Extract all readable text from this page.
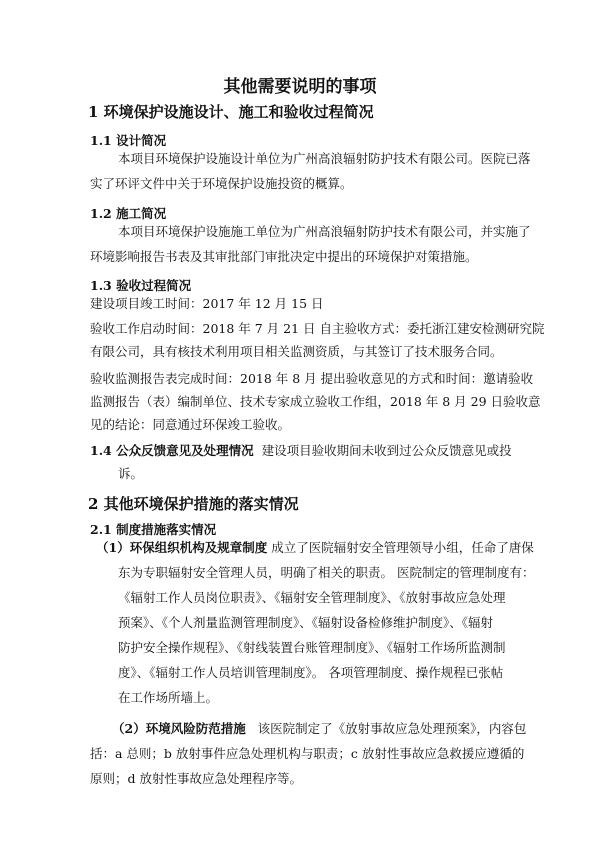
其他需要说明的事项
1 环境保护设施设计、施工和验收过程简况
1.1 设计简况
本项目环境保护设施设计单位为广州高浪辐射防护技术有限公司。医院已落
实了环评文件中关于环境保护设施投资的概算。
1.2 施工简况
本项目环境保护设施施工单位为广州高浪辐射防护技术有限公司，并实施了
环境影响报告书表及其审批部门审批决定中提出的环境保护对策措施。
1.3 验收过程简况
建设项目竣工时间：2017 年 12 月 15 日
验收工作启动时间：2018 年 7 月 21 日 自主验收方式：委托浙江建安检测研究院
有限公司，具有核技术利用项目相关监测资质，与其签订了技术服务合同。
验收监测报告表完成时间：2018 年 8 月 提出验收意见的方式和时间：邀请验收
监测报告（表）编制单位、技术专家成立验收工作组，2018 年 8 月 29 日验收意
见的结论：同意通过环保竣工验收。
1.4 公众反馈意见及处理情况 建设项目验收期间未收到过公众反馈意见或投
诉。
2 其他环境保护措施的落实情况
2.1 制度措施落实情况
（1）环保组织机构及规章制度 成立了医院辐射安全管理领导小组，任命了唐保
东为专职辐射安全管理人员，明确了相关的职责。 医院制定的管理制度有：
《辐射工作人员岗位职责》、《辐射安全管理制度》、《放射事故应急处理
预案》、《个人剂量监测管理制度》、《辐射设备检修维护制度》、《辐射
防护安全操作规程》、《射线装置台账管理制度》、《辐射工作场所监测制
度》、《辐射工作人员培训管理制度》。 各项管理制度、操作规程已张帖
在工作场所墙上。
（2）环境风险防范措施 该医院制定了《放射事故应急处理预案》，内容包
括：a 总则；b 放射事件应急处理机构与职责；c 放射性事故应急救援应遵循的
原则；d 放射性事故应急处理程序等。
